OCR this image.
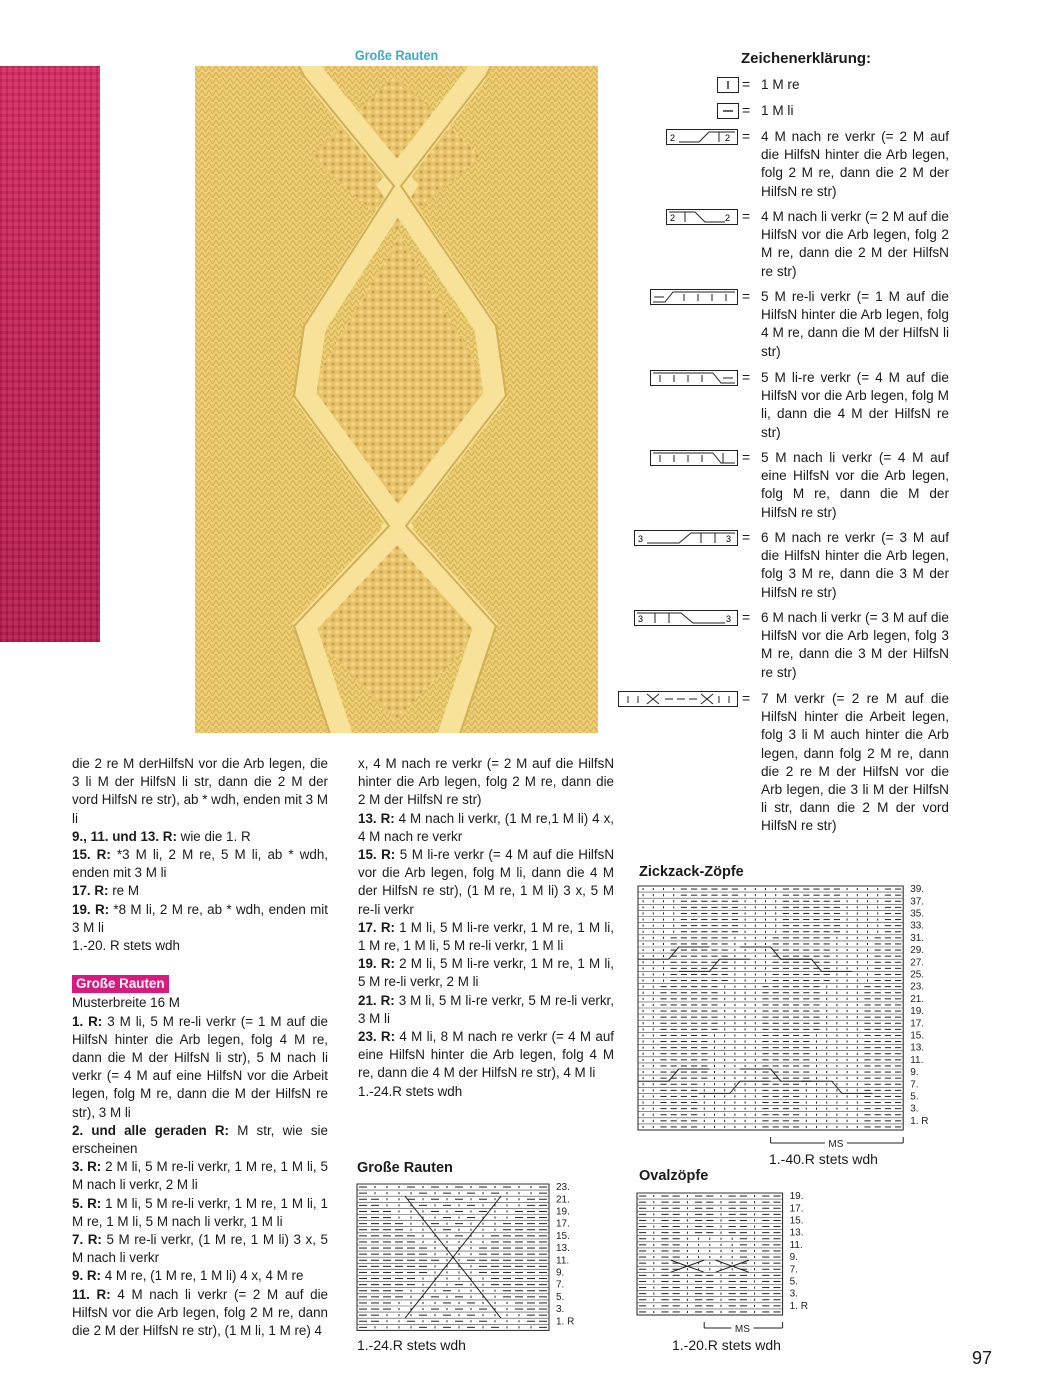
Große Rauten

die 2 re M derHilfsN vor die Arb legen, die 3 li M der HilfsN li str, dann die 2 M der vord HilfsN re str), ab * wdh, enden mit 3 M li

9., 11. und 13. R: wie die 1. R

15. R: *3 M li, 2 M re, 5 M li, ab * wdh, enden mit 3 M li

17. R: re M

19. R: *8 M li, 2 M re, ab * wdh, enden mit 3 M li

1.-20. R stets wdh

Große Rauten

Musterbreite 16 M

1. R: 3 M li, 5 M re-li verkr (= 1 M auf die HilfsN hinter die Arb legen, folg 4 M re, dann die M der HilfsN li str), 5 M nach li verkr (= 4 M auf eine HilfsN vor die Arbeit legen, folg M re, dann die M der HilfsN re str), 3 M li

2. und alle geraden R: M str, wie sie erscheinen

3. R: 2 M li, 5 M re-li verkr, 1 M re, 1 M li, 5 M nach li verkr, 2 M li

5. R: 1 M li, 5 M re-li verkr, 1 M re, 1 M li, 1 M re, 1 M li, 5 M nach li verkr, 1 M li

7. R: 5 M re-li verkr, (1 M re, 1 M li) 3 x, 5 M nach li verkr

9. R: 4 M re, (1 M re, 1 M li) 4 x, 4 M re

11. R: 4 M nach li verkr (= 2 M auf die HilfsN vor die Arb legen, folg 2 M re, dann die 2 M der HilfsN re str), (1 M li, 1 M re) 4

x, 4 M nach re verkr (= 2 M auf die HilfsN hinter die Arb legen, folg 2 M re, dann die 2 M der HilfsN re str)

13. R: 4 M nach li verkr, (1 M re,1 M li) 4 x, 4 M nach re verkr

15. R: 5 M li-re verkr (= 4 M auf die HilfsN vor die Arb legen, folg M li, dann die 4 M der HilfsN re str), (1 M re, 1 M li) 3 x, 5 M re-li verkr

17. R: 1 M li, 5 M li-re verkr, 1 M re, 1 M li, 1 M re, 1 M li, 5 M re-li verkr, 1 M li

19. R: 2 M li, 5 M li-re verkr, 1 M re, 1 M li, 5 M re-li verkr, 2 M li

21. R: 3 M li, 5 M li-re verkr, 5 M re-li verkr, 3 M li

23. R: 4 M li, 8 M nach re verkr (= 4 M auf eine HilfsN hinter die Arb legen, folg 4 M re, dann die 4 M der HilfsN re str), 4 M li

1.-24.R stets wdh

Zeichenerklärung:
= 1 M re
= 1 M li
2	2 = 4 M nach re verkr (= 2 M auf die HilfsN hinter die Arb legen, folg 2 M re, dann die 2 M der HilfsN re str)
2	2 = 4 M nach li verkr (= 2 M auf die HilfsN vor die Arb legen, folg 2 M re, dann die 2 M der HilfsN re str)
= 5 M re-li verkr (= 1 M auf die HilfsN hinter die Arb legen, folg 4 M re, dann die M der HilfsN li str)
= 5 M li-re verkr (= 4 M auf die HilfsN vor die Arb legen, folg M li, dann die 4 M der HilfsN re str)
= 5 M nach li verkr (= 4 M auf eine HilfsN vor die Arb legen, folg M re, dann die M der HilfsN re str)
3	3 = 6 M nach re verkr (= 3 M auf die HilfsN hinter die Arb legen, folg 3 M re, dann die 3 M der HilfsN re str)
3	3 = 6 M nach li verkr (= 3 M auf die HilfsN vor die Arb legen, folg 3 M re, dann die 3 M der HilfsN re str)
= 7 M verkr (= 2 re M auf die HilfsN hinter die Arbeit legen, folg 3 li M auch hinter die Arb legen, dann folg 2 M re, dann die 2 re M der HilfsN vor die Arb legen, die 3 li M der HilfsN li str, dann die 2 M der vord HilfsN re str)
Zickzack-Zöpfe
39.
37.
35.
33.
31.
29.
27.
25.
23.
21.
19.
17.
15.
13.
11.
9.
7.
5.
3.
1. R
MS
1.-40.R stets wdh
Große Rauten
23.
21.
19.
17.
15.
13.
11.
9.
7.
5.
3.
1. R
1.-24.R stets wdh
Ovalzöpfe
19.
17.
15.
13.
11.
9.
7.
5.
3.
1. R
MS
1.-20.R stets wdh
97
